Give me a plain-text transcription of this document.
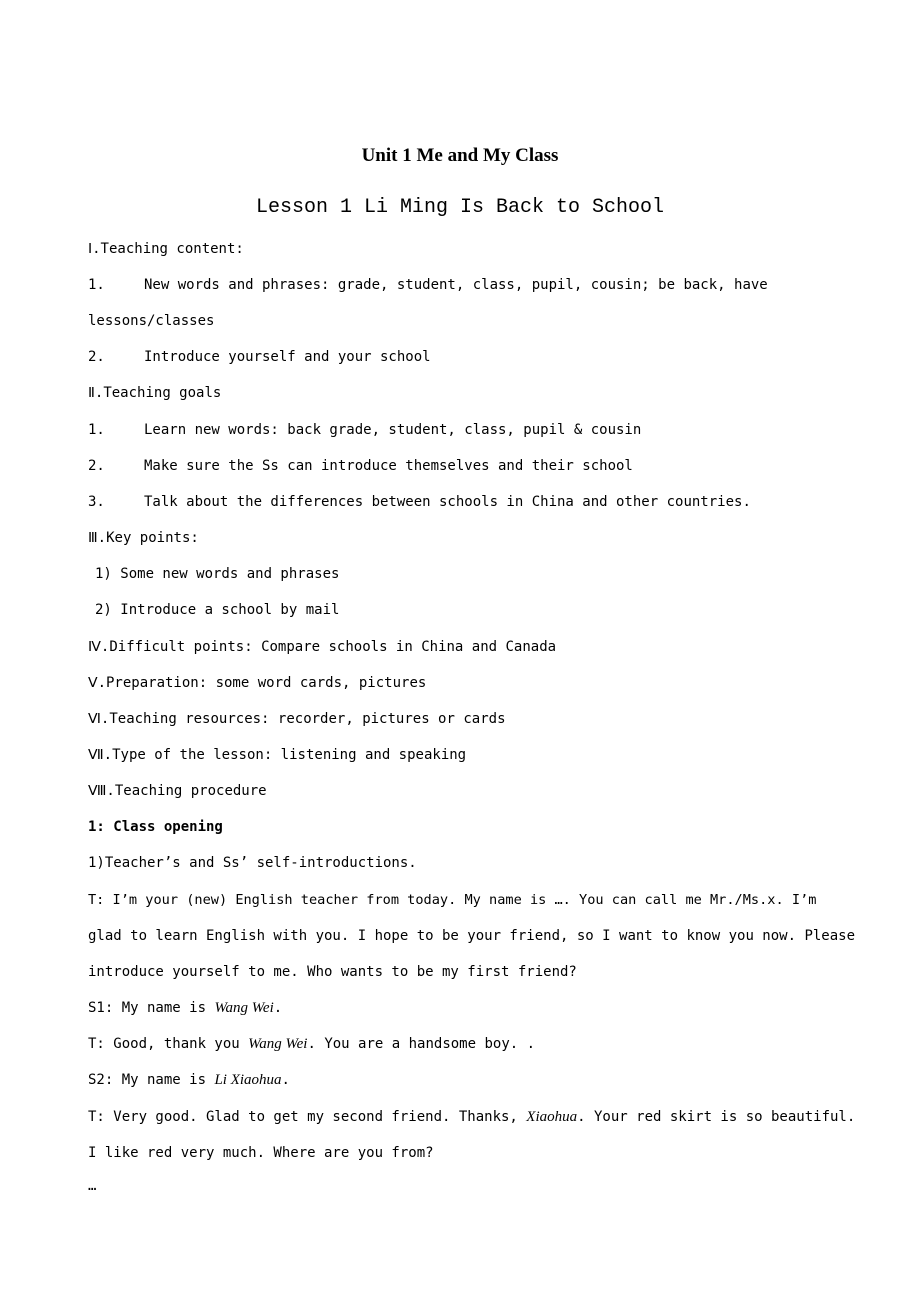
Unit 1 Me and My Class
Lesson 1 Li Ming Is Back to School
Ⅰ.Teaching content:
1.	New words and phrases: grade, student, class, pupil, cousin; be back, have
lessons/classes
2.	Introduce yourself and your school
Ⅱ.Teaching goals
1.	Learn new words: back grade, student, class, pupil & cousin
2.	Make sure the Ss can introduce themselves and their school
3.	Talk about the differences between schools in China and other countries.
Ⅲ.Key points:
1) Some new words and phrases
2) Introduce a school by mail
Ⅳ.Difficult points: Compare schools in China and Canada
Ⅴ.Preparation: some word cards, pictures
Ⅵ.Teaching resources: recorder, pictures or cards
Ⅶ.Type of the lesson: listening and speaking
Ⅷ.Teaching procedure
1: Class opening
1)Teacher’s and Ss’ self-introductions.
T: I’m your (new) English teacher from today. My name is …. You can call me Mr./Ms.x. I’m
glad to learn English with you. I hope to be your friend, so I want to know you now. Please
introduce yourself to me. Who wants to be my first friend?
S1: My name is Wang Wei.
T: Good, thank you Wang Wei. You are a handsome boy. .
S2: My name is Li Xiaohua.
T: Very good. Glad to get my second friend. Thanks, Xiaohua. Your red skirt is so beautiful.
I like red very much. Where are you from?
…
